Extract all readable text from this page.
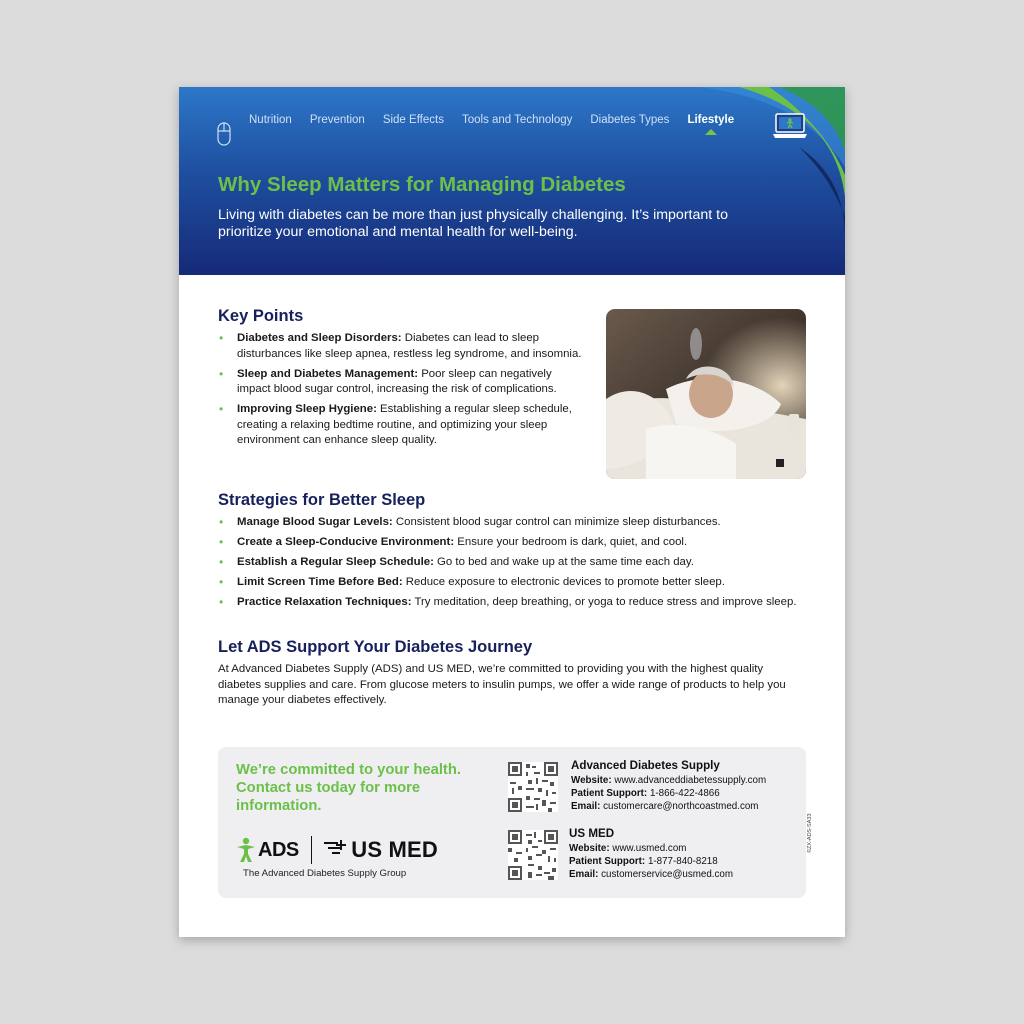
Nutrition Prevention Side Effects Tools and Technology Diabetes Types Lifestyle
Why Sleep Matters for Managing Diabetes

Living with diabetes can be more than just physically challenging. It’s important to prioritize your emotional and mental health for well-being.

Key Points
• Diabetes and Sleep Disorders: Diabetes can lead to sleep disturbances like sleep apnea, restless leg syndrome, and insomnia.
• Sleep and Diabetes Management: Poor sleep can negatively impact blood sugar control, increasing the risk of complications.
• Improving Sleep Hygiene: Establishing a regular sleep schedule, creating a relaxing bedtime routine, and optimizing your sleep environment can enhance sleep quality.
Strategies for Better Sleep
• Manage Blood Sugar Levels: Consistent blood sugar control can minimize sleep disturbances.
• Create a Sleep-Conducive Environment: Ensure your bedroom is dark, quiet, and cool.
• Establish a Regular Sleep Schedule: Go to bed and wake up at the same time each day.
• Limit Screen Time Before Bed: Reduce exposure to electronic devices to promote better sleep.
• Practice Relaxation Techniques: Try meditation, deep breathing, or yoga to reduce stress and improve sleep.
Let ADS Support Your Diabetes Journey

At Advanced Diabetes Supply (ADS) and US MED, we’re committed to providing you with the highest quality diabetes supplies and care. From glucose meters to insulin pumps, we offer a wide range of products to help you manage your diabetes effectively.

We’re committed to your health. Contact us today for more information.

ADS US MED

The Advanced Diabetes Supply Group

Advanced Diabetes Supply
Website: www.advanceddiabetessupply.com
Patient Support: 1-866-422-4866
Email: customercare@northcoastmed.com
US MED
Website: www.usmed.com
Patient Support: 1-877-840-8218
Email: customerservice@usmed.com
©ZX-ADS-SA33
